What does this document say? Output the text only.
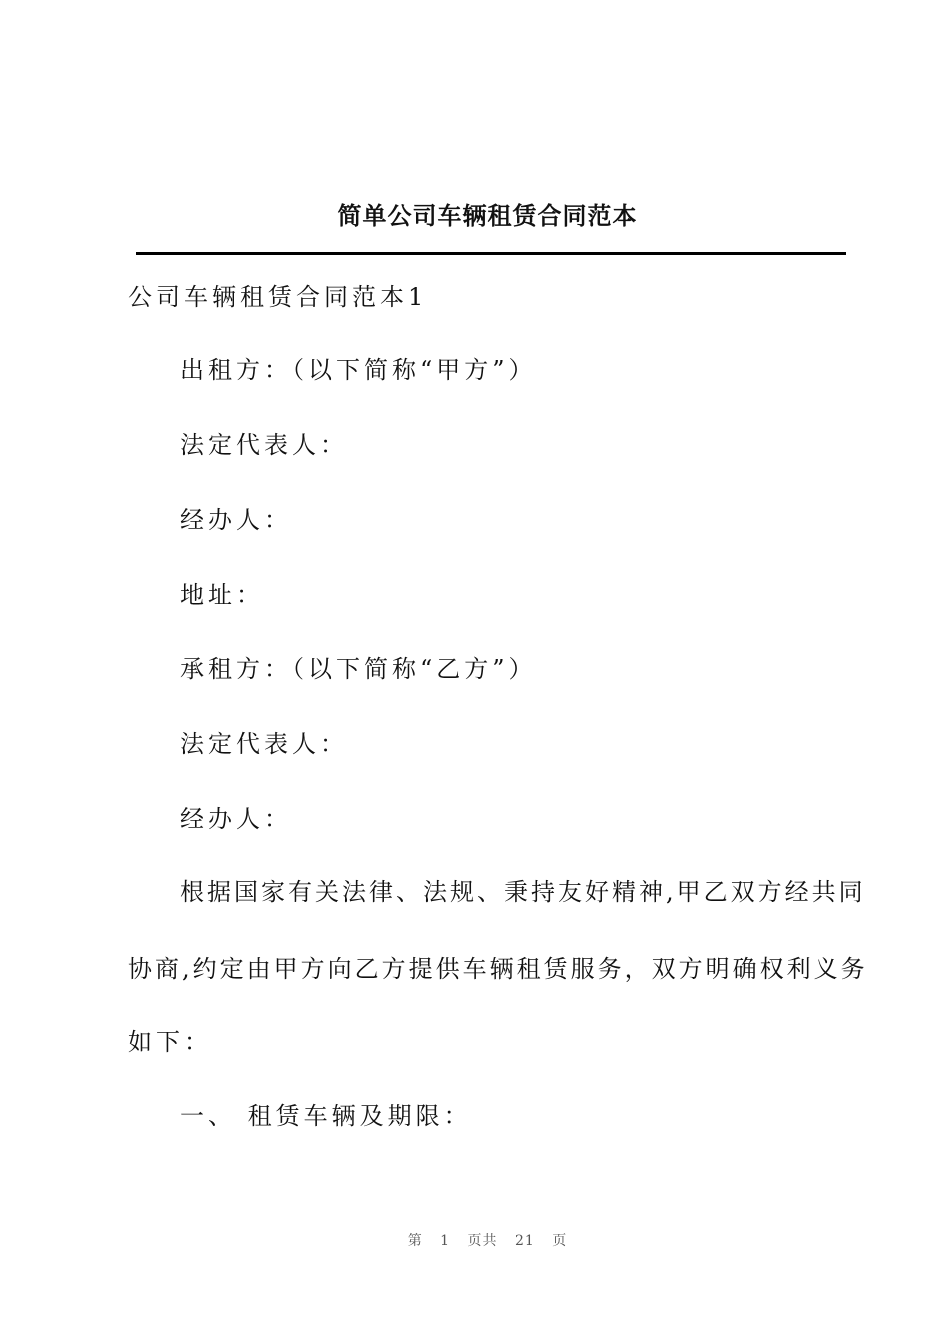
简单公司车辆租赁合同范本
公司车辆租赁合同范本1
出租方：（以下简称“甲方”）
法定代表人：
经办人：
地址：
承租方：（以下简称“乙方”）
法定代表人：
经办人：
根据国家有关法律、法规、秉持友好精神,甲乙双方经共同
协商,约定由甲方向乙方提供车辆租赁服务，双方明确权利义务
如下：
一、 租赁车辆及期限：
第 1 页共 21 页
